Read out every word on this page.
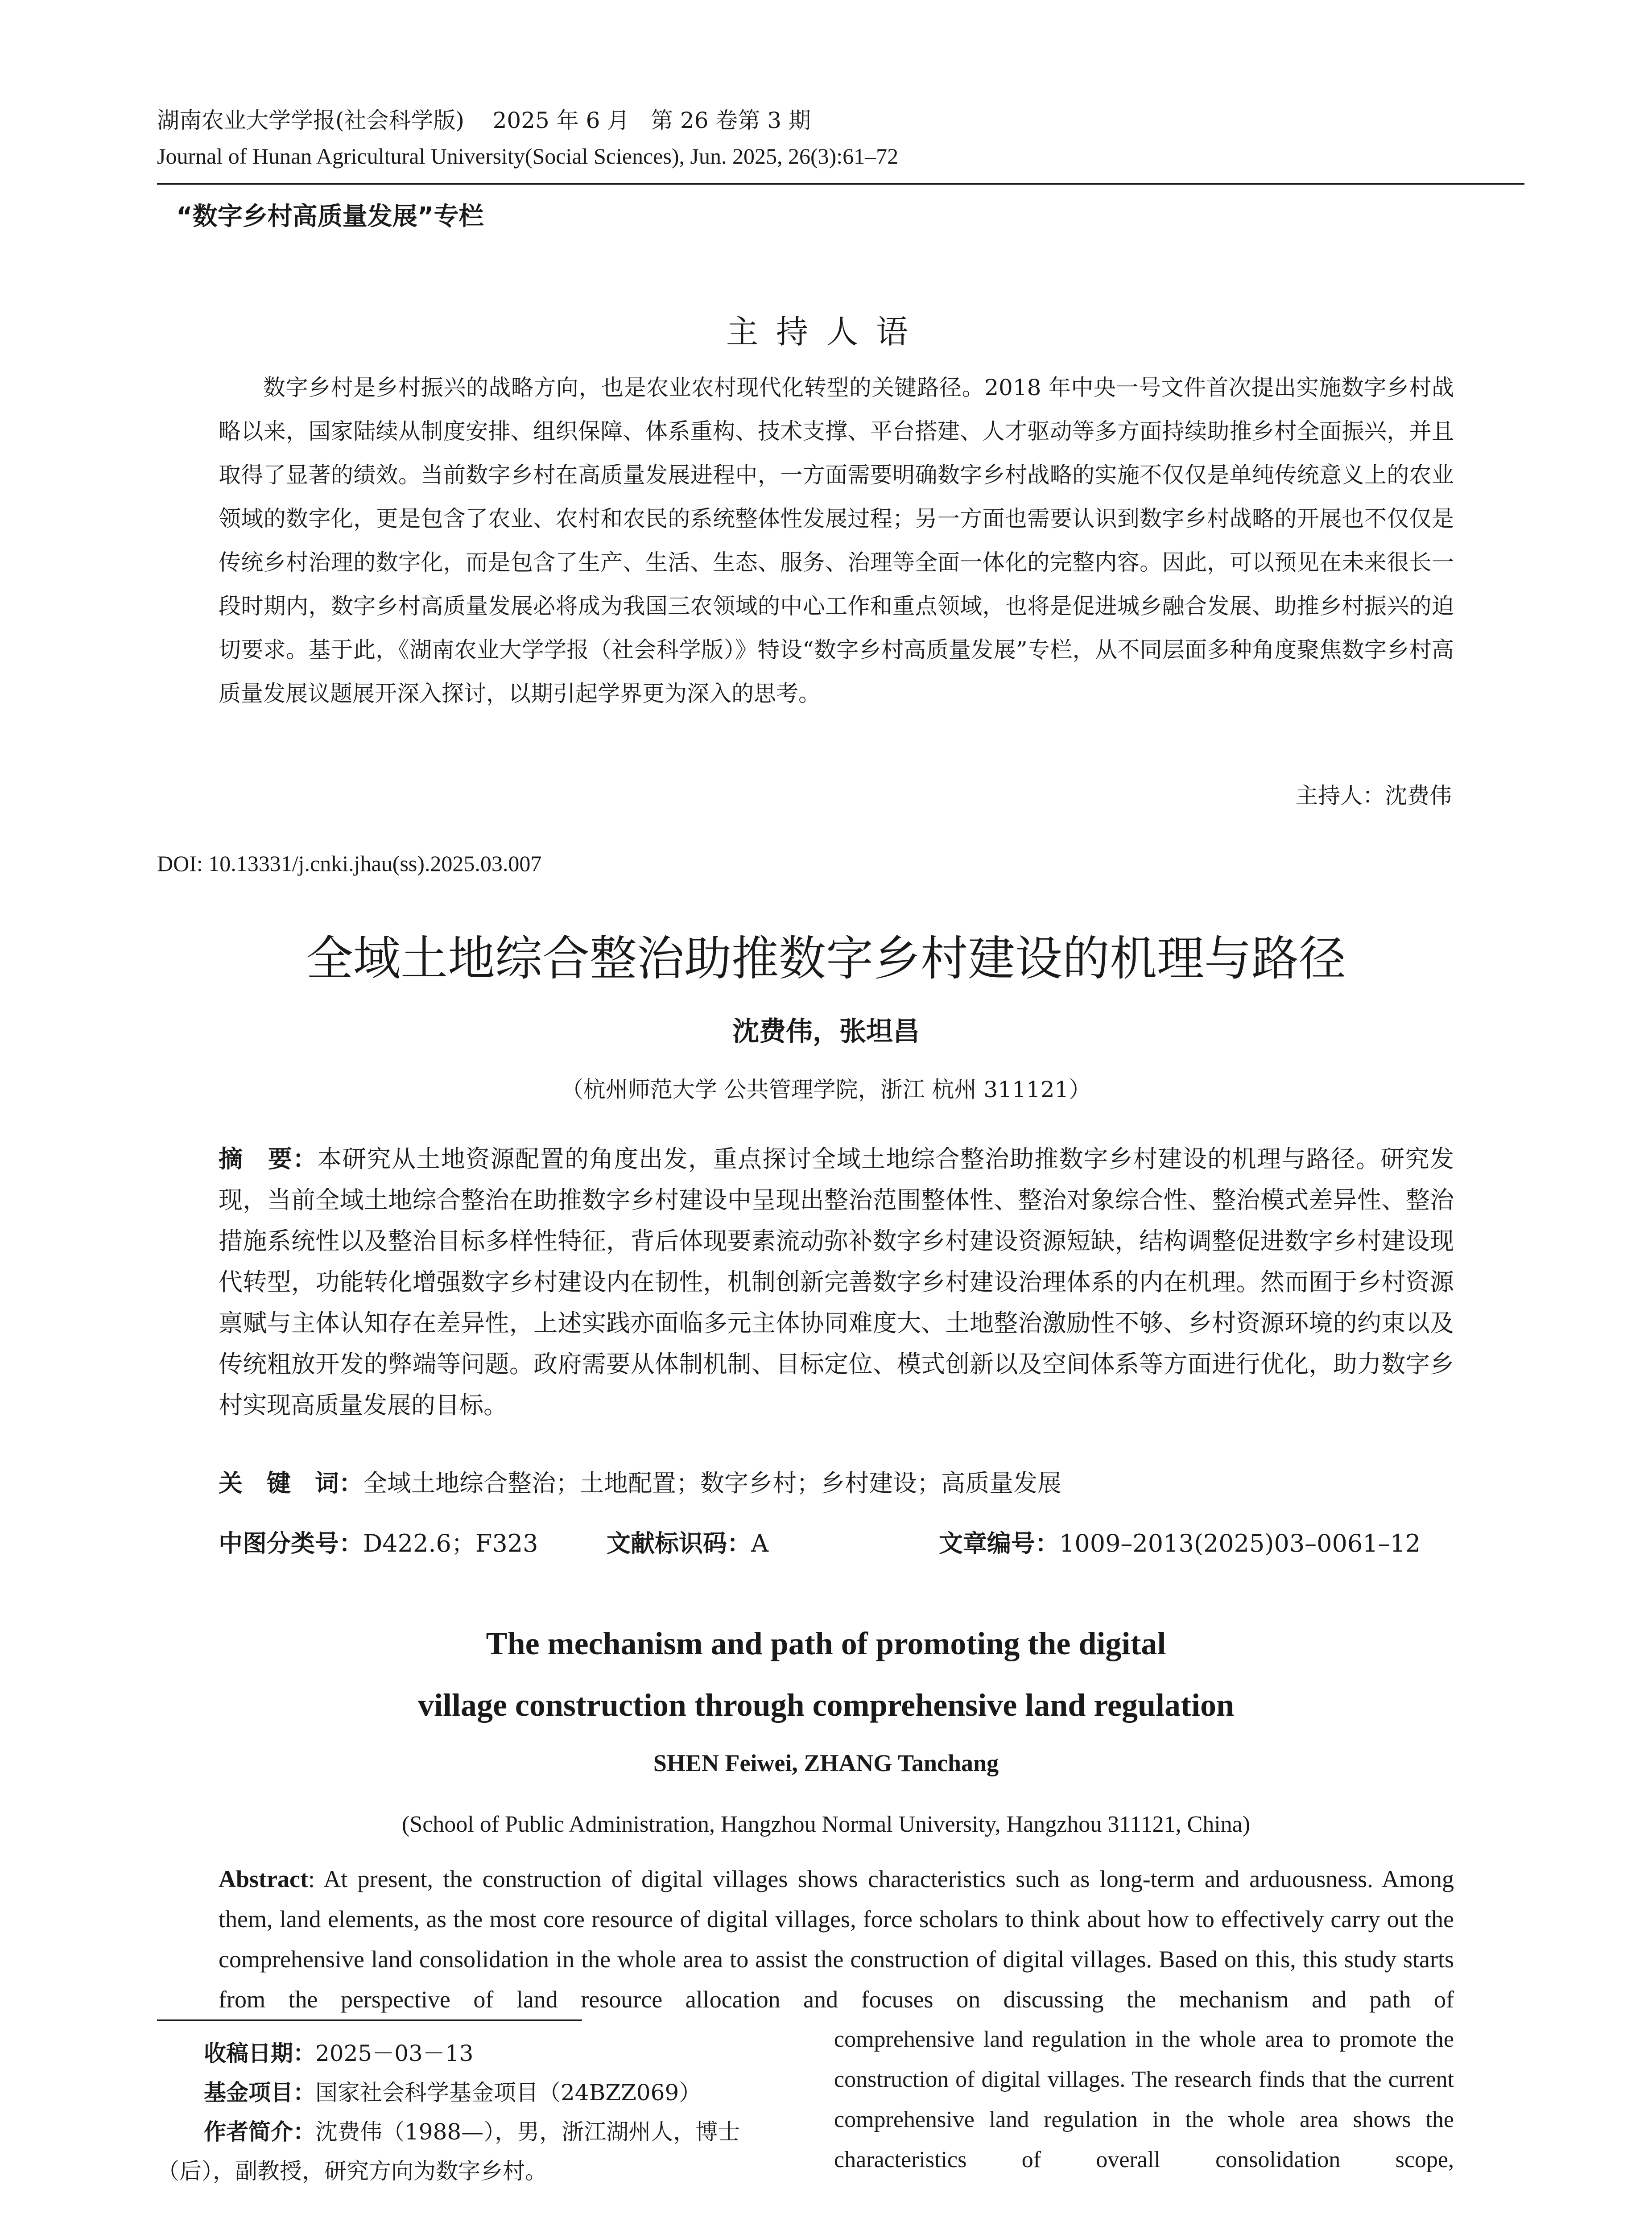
湖南农业大学学报(社会科学版)    2025 年 6 月   第 26 卷第 3 期
Journal of Hunan Agricultural University(Social Sciences), Jun. 2025, 26(3):61–72
“数字乡村高质量发展”专栏
主持人语

数字乡村是乡村振兴的战略方向，也是农业农村现代化转型的关键路径。2018 年中央一号文件首次提出实施数字乡村战略以来，国家陆续从制度安排、组织保障、体系重构、技术支撑、平台搭建、人才驱动等多方面持续助推乡村全面振兴，并且取得了显著的绩效。当前数字乡村在高质量发展进程中，一方面需要明确数字乡村战略的实施不仅仅是单纯传统意义上的农业领域的数字化，更是包含了农业、农村和农民的系统整体性发展过程；另一方面也需要认识到数字乡村战略的开展也不仅仅是传统乡村治理的数字化，而是包含了生产、生活、生态、服务、治理等全面一体化的完整内容。因此，可以预见在未来很长一段时期内，数字乡村高质量发展必将成为我国三农领域的中心工作和重点领域，也将是促进城乡融合发展、助推乡村振兴的迫切要求。基于此，《湖南农业大学学报（社会科学版）》特设“数字乡村高质量发展”专栏，从不同层面多种角度聚焦数字乡村高质量发展议题展开深入探讨，以期引起学界更为深入的思考。

主持人：沈费伟
DOI: 10.13331/j.cnki.jhau(ss).2025.03.007
全域土地综合整治助推数字乡村建设的机理与路径
沈费伟，张坦昌
（杭州师范大学 公共管理学院，浙江 杭州 311121）

摘　要：本研究从土地资源配置的角度出发，重点探讨全域土地综合整治助推数字乡村建设的机理与路径。研究发现，当前全域土地综合整治在助推数字乡村建设中呈现出整治范围整体性、整治对象综合性、整治模式差异性、整治措施系统性以及整治目标多样性特征，背后体现要素流动弥补数字乡村建设资源短缺，结构调整促进数字乡村建设现代转型，功能转化增强数字乡村建设内在韧性，机制创新完善数字乡村建设治理体系的内在机理。然而囿于乡村资源禀赋与主体认知存在差异性，上述实践亦面临多元主体协同难度大、土地整治激励性不够、乡村资源环境的约束以及传统粗放开发的弊端等问题。政府需要从体制机制、目标定位、模式创新以及空间体系等方面进行优化，助力数字乡村实现高质量发展的目标。

关　键　词：全域土地综合整治；土地配置；数字乡村；乡村建设；高质量发展
中图分类号：D422.6；F323	文献标识码：A	文章编号：1009–2013(2025)03–0061–12
The mechanism and path of promoting the digital
village construction through comprehensive land regulation
SHEN Feiwei, ZHANG Tanchang
(School of Public Administration, Hangzhou Normal University, Hangzhou 311121, China)

Abstract: At present, the construction of digital villages shows characteristics such as long-term and arduousness. Among them, land elements, as the most core resource of digital villages, force scholars to think about how to effectively carry out the comprehensive land consolidation in the whole area to assist the construction of digital villages. Based on this, this study starts from the perspective of land resource allocation and focuses on discussing the mechanism and path of

comprehensive land regulation in the whole area to promote the construction of digital villages. The research finds that the current comprehensive land regulation in the whole area shows the characteristics of overall consolidation scope,

收稿日期：2025－03－13

基金项目：国家社会科学基金项目（24BZZ069）

作者简介：沈费伟（1988—），男，浙江湖州人，博士（后），副教授，研究方向为数字乡村。
